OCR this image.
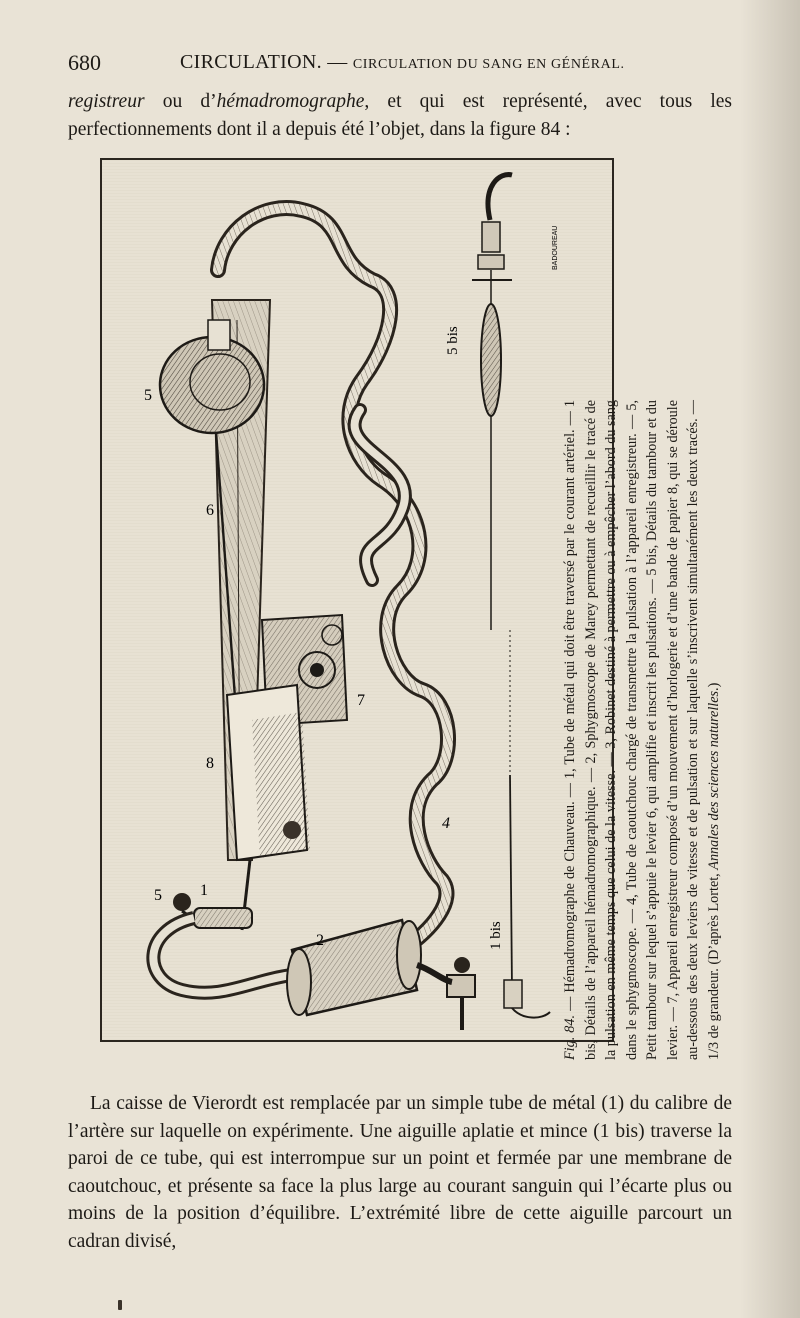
680	CIRCULATION. — CIRCULATION DU SANG EN GÉNÉRAL.
registreur ou d’hémadromographe, et qui est représenté, avec tous les perfectionnements dont il a depuis été l’objet, dans la figure 84 :
5
6
8
7
1
5
2
4
1 bis
5 bis
BADOUREAU
Fig. 84. — Hémadromographe de Chauveau. — 1, Tube de métal qui doit être traversé par le courant artériel. — 1 bis, Détails de l’appareil hémadromographique. — 2, Sphygmoscope de Marey permettant de recueillir le tracé de la pulsation en même temps que celui de la vitesse. — 3, Robinet destiné à permettre ou à empêcher l’abord du sang dans le sphygmoscope. — 4, Tube de caoutchouc chargé de transmettre la pulsation à l’appareil enregistreur. — 5, Petit tambour sur lequel s’appuie le levier 6, qui amplifie et inscrit les pulsations. — 5 bis, Détails du tambour et du levier. — 7, Appareil enregistreur composé d’un mouvement d’horlogerie et d’une bande de papier 8, qui se déroule au-dessous des deux leviers de vitesse et de pulsation et sur laquelle s’inscrivent simultanément les deux tracés. — 1/3 de grandeur. (D’après Lortet, Annales des sciences naturelles.)

La caisse de Vierordt est remplacée par un simple tube de métal (1) du calibre de l’artère sur laquelle on expérimente. Une aiguille aplatie et mince (1 bis) traverse la paroi de ce tube, qui est interrompue sur un point et fermée par une membrane de caoutchouc, et présente sa face la plus large au courant sanguin qui l’écarte plus ou moins de la position d’équilibre. L’extrémité libre de cette aiguille parcourt un cadran divisé,
